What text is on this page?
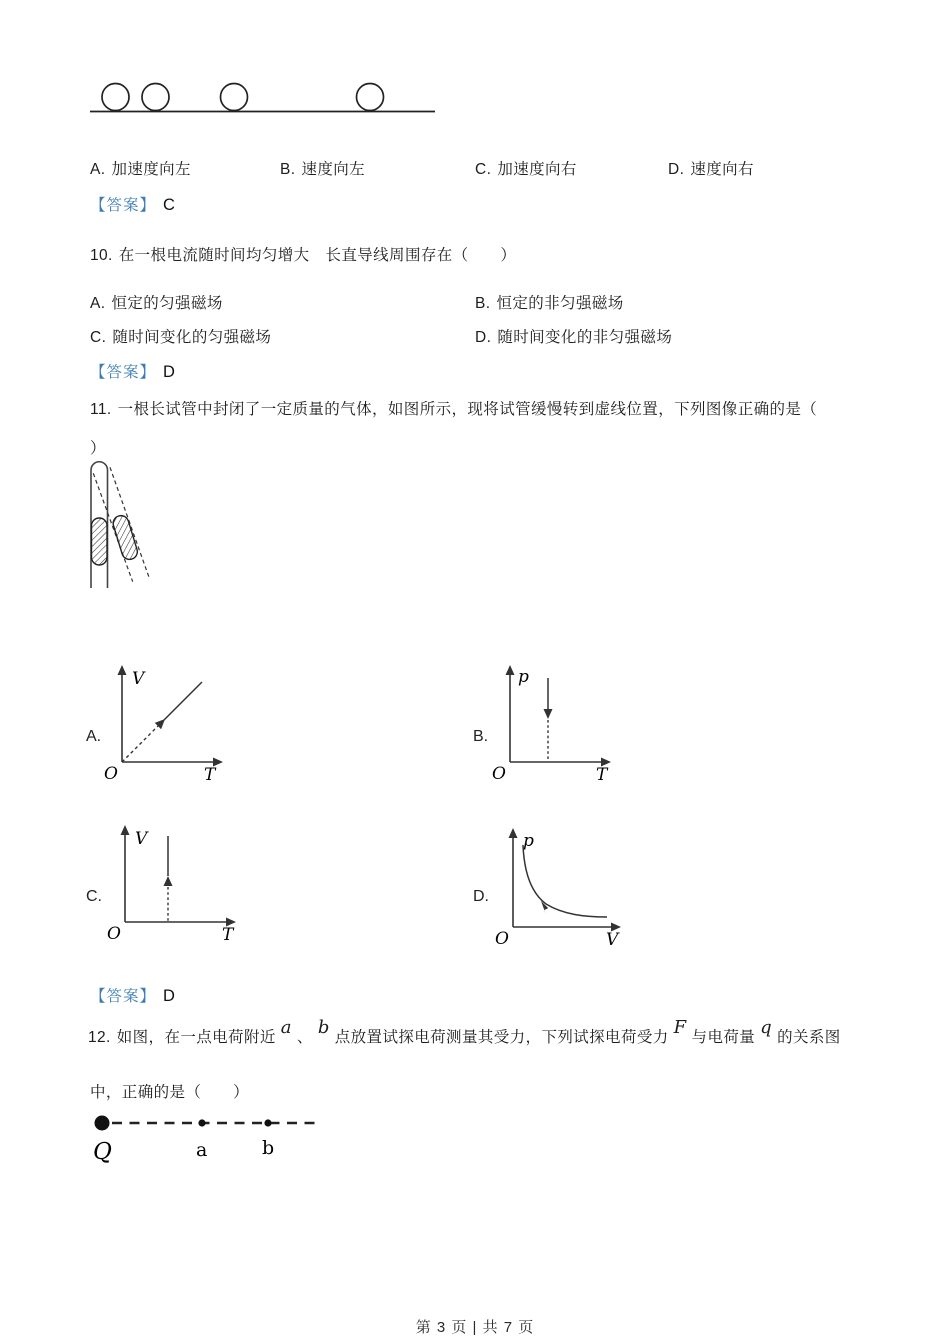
A. 加速度向左	B. 速度向左	C. 加速度向右	D. 速度向右
【答案】 C
10. 在一根电流随时间均匀增大　长直导线周围存在（　　）
A. 恒定的匀强磁场	B. 恒定的非匀强磁场
C. 随时间变化的匀强磁场	D. 随时间变化的非匀强磁场
【答案】 D
11. 一根长试管中封闭了一定质量的气体，如图所示，现将试管缓慢转到虚线位置，下列图像正确的是（
）
A.
V
T
O
B.
p
T
O
C.
V
T
O
D.
p
V
O
【答案】 D
12. 如图，在一点电荷附近 a 、 b 点放置试探电荷测量其受力，下列试探电荷受力 F 与电荷量 q 的关系图
中，正确的是（　　）
Q	a	b
第 3 页 | 共 7 页
